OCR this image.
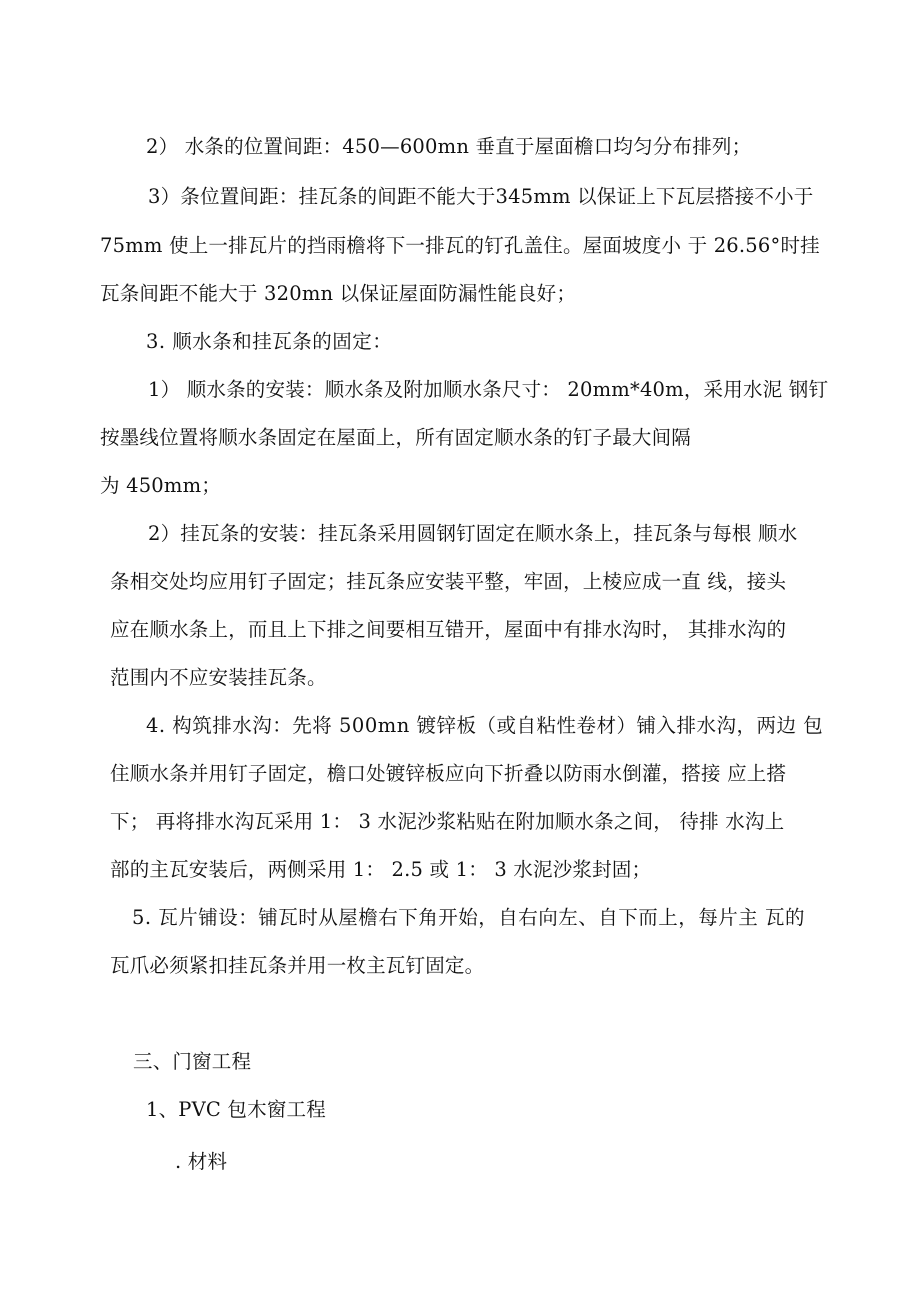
2） 水条的位置间距：450—600mn 垂直于屋面檐口均匀分布排列；
3）条位置间距：挂瓦条的间距不能大于345mm 以保证上下瓦层搭接不小于
75mm 使上一排瓦片的挡雨檐将下一排瓦的钉孔盖住。屋面坡度小 于 26.56°时挂
瓦条间距不能大于 320mn 以保证屋面防漏性能良好；
3. 顺水条和挂瓦条的固定：
1） 顺水条的安装：顺水条及附加顺水条尺寸： 20mm*40m，采用水泥 钢钉
按墨线位置将顺水条固定在屋面上，所有固定顺水条的钉子最大间隔
为 450mm；
2）挂瓦条的安装：挂瓦条采用圆钢钉固定在顺水条上，挂瓦条与每根 顺水
条相交处均应用钉子固定；挂瓦条应安装平整，牢固，上棱应成一直 线，接头
应在顺水条上，而且上下排之间要相互错开，屋面中有排水沟时， 其排水沟的
范围内不应安装挂瓦条。
4. 构筑排水沟：先将 500mn 镀锌板（或自粘性卷材）铺入排水沟，两边 包
住顺水条并用钉子固定，檐口处镀锌板应向下折叠以防雨水倒灌，搭接 应上搭
下； 再将排水沟瓦采用 1： 3 水泥沙浆粘贴在附加顺水条之间， 待排 水沟上
部的主瓦安装后，两侧采用 1： 2.5 或 1： 3 水泥沙浆封固；
5. 瓦片铺设：铺瓦时从屋檐右下角开始，自右向左、自下而上，每片主 瓦的
瓦爪必须紧扣挂瓦条并用一枚主瓦钉固定。
三、门窗工程
1、PVC 包木窗工程
. 材料
